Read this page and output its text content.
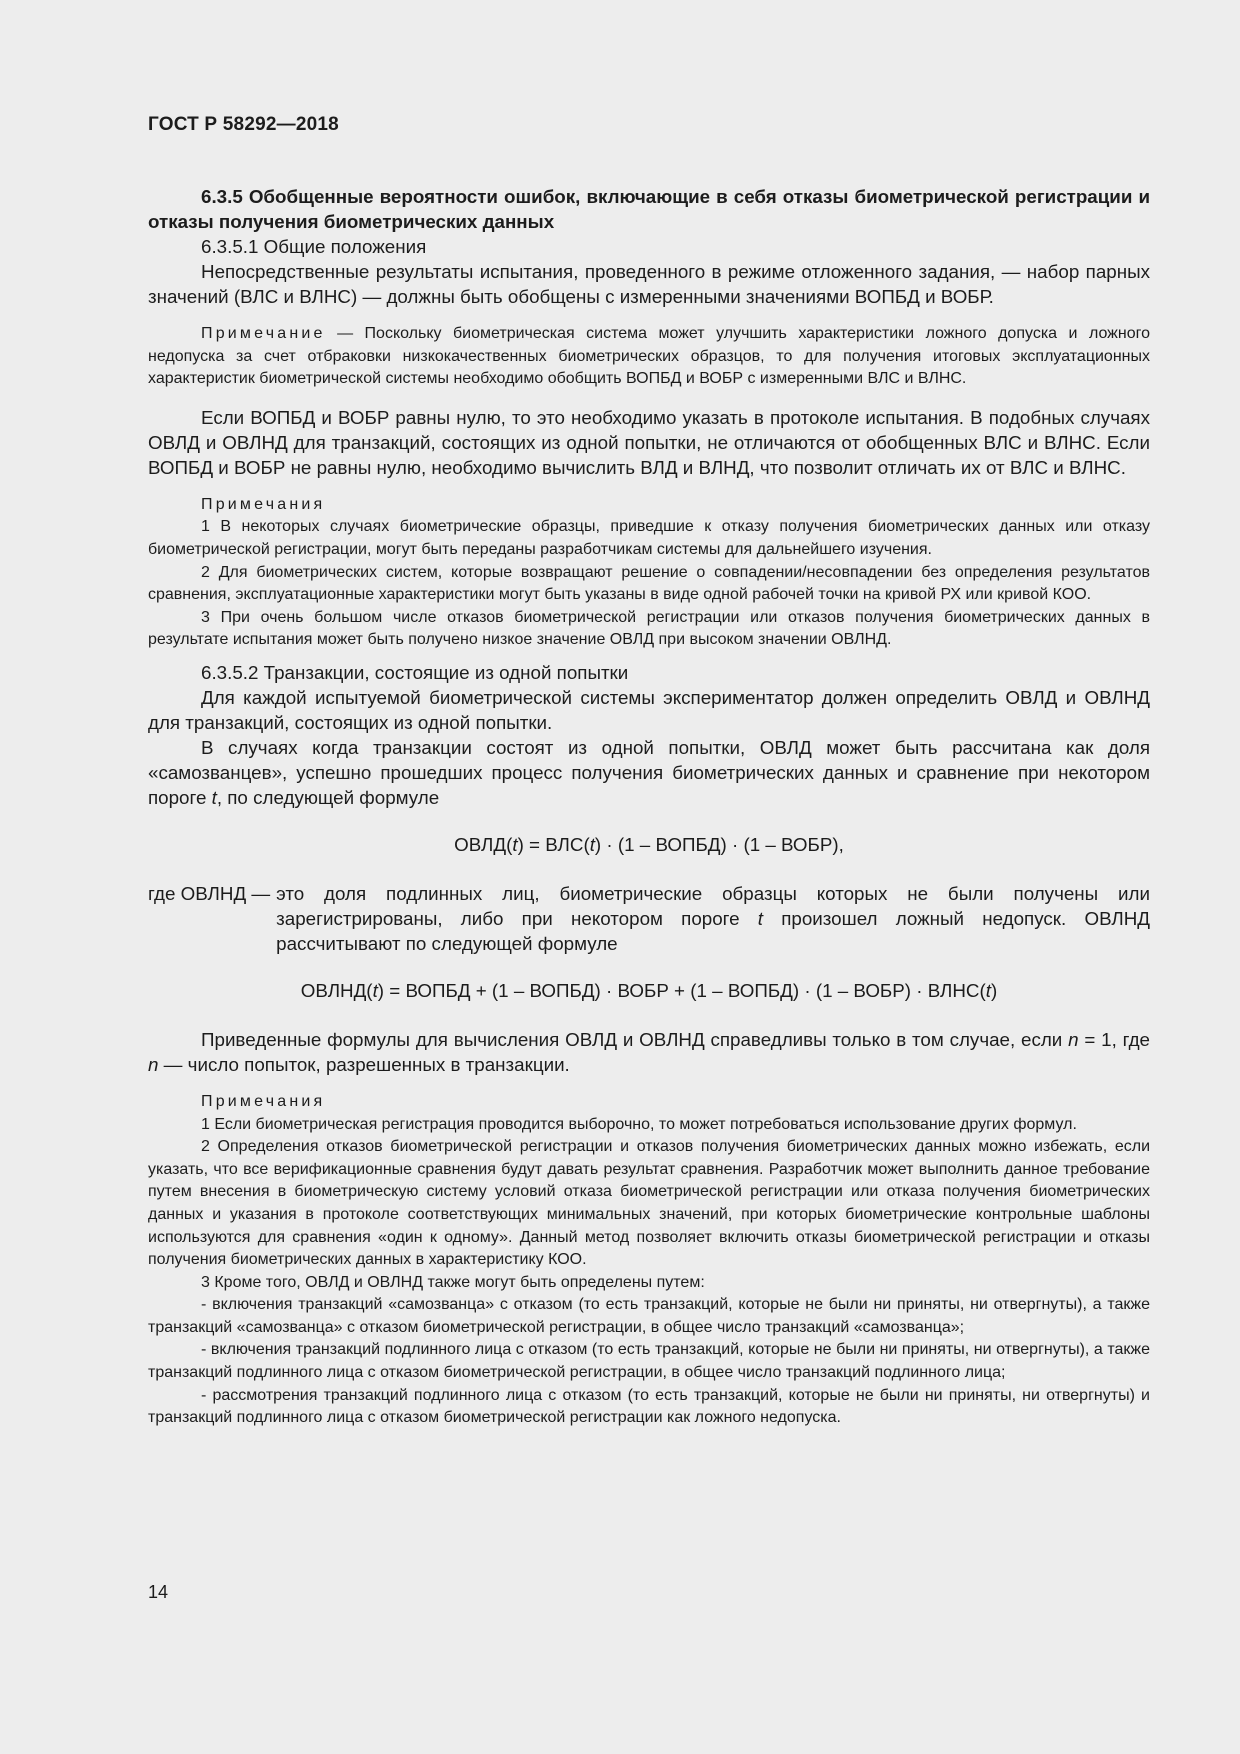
ГОСТ Р 58292—2018

6.3.5 Обобщенные вероятности ошибок, включающие в себя отказы биометрической регистрации и отказы получения биометрических данных

6.3.5.1 Общие положения

Непосредственные результаты испытания, проведенного в режиме отложенного задания, — набор парных значений (ВЛС и ВЛНС) — должны быть обобщены с измеренными значениями ВОПБД и ВОБР.

Примечание — Поскольку биометрическая система может улучшить характеристики ложного допуска и ложного недопуска за счет отбраковки низкокачественных биометрических образцов, то для получения итоговых эксплуатационных характеристик биометрической системы необходимо обобщить ВОПБД и ВОБР с измеренными ВЛС и ВЛНС.

Если ВОПБД и ВОБР равны нулю, то это необходимо указать в протоколе испытания. В подобных случаях ОВЛД и ОВЛНД для транзакций, состоящих из одной попытки, не отличаются от обобщенных ВЛС и ВЛНС. Если ВОПБД и ВОБР не равны нулю, необходимо вычислить ВЛД и ВЛНД, что позволит отличать их от ВЛС и ВЛНС.

Примечания

1 В некоторых случаях биометрические образцы, приведшие к отказу получения биометрических данных или отказу биометрической регистрации, могут быть переданы разработчикам системы для дальнейшего изучения.

2 Для биометрических систем, которые возвращают решение о совпадении/несовпадении без определения результатов сравнения, эксплуатационные характеристики могут быть указаны в виде одной рабочей точки на кривой РХ или кривой КОО.

3 При очень большом числе отказов биометрической регистрации или отказов получения биометрических данных в результате испытания может быть получено низкое значение ОВЛД при высоком значении ОВЛНД.

6.3.5.2 Транзакции, состоящие из одной попытки

Для каждой испытуемой биометрической системы экспериментатор должен определить ОВЛД и ОВЛНД для транзакций, состоящих из одной попытки.

В случаях когда транзакции состоят из одной попытки, ОВЛД может быть рассчитана как доля «самозванцев», успешно прошедших процесс получения биометрических данных и сравнение при некотором пороге t, по следующей формуле

ОВЛД(t) = ВЛС(t) · (1 – ВОПБД) · (1 – ВОБР),
где ОВЛНД — это доля подлинных лиц, биометрические образцы которых не были получены или зарегистрированы, либо при некотором пороге t произошел ложный недопуск. ОВЛНД рассчитывают по следующей формуле
ОВЛНД(t) = ВОПБД + (1 – ВОПБД) · ВОБР + (1 – ВОПБД) · (1 – ВОБР) · ВЛНС(t)

Приведенные формулы для вычисления ОВЛД и ОВЛНД справедливы только в том случае, если n = 1, где n — число попыток, разрешенных в транзакции.

Примечания

1 Если биометрическая регистрация проводится выборочно, то может потребоваться использование других формул.

2 Определения отказов биометрической регистрации и отказов получения биометрических данных можно избежать, если указать, что все верификационные сравнения будут давать результат сравнения. Разработчик может выполнить данное требование путем внесения в биометрическую систему условий отказа биометрической регистрации или отказа получения биометрических данных и указания в протоколе соответствующих минимальных значений, при которых биометрические контрольные шаблоны используются для сравнения «один к одному». Данный метод позволяет включить отказы биометрической регистрации и отказы получения биометрических данных в характеристику КОО.

3 Кроме того, ОВЛД и ОВЛНД также могут быть определены путем:

- включения транзакций «самозванца» с отказом (то есть транзакций, которые не были ни приняты, ни отвергнуты), а также транзакций «самозванца» с отказом биометрической регистрации, в общее число транзакций «самозванца»;

- включения транзакций подлинного лица с отказом (то есть транзакций, которые не были ни приняты, ни отвергнуты), а также транзакций подлинного лица с отказом биометрической регистрации, в общее число транзакций подлинного лица;

- рассмотрения транзакций подлинного лица с отказом (то есть транзакций, которые не были ни приняты, ни отвергнуты) и транзакций подлинного лица с отказом биометрической регистрации как ложного недопуска.

14
